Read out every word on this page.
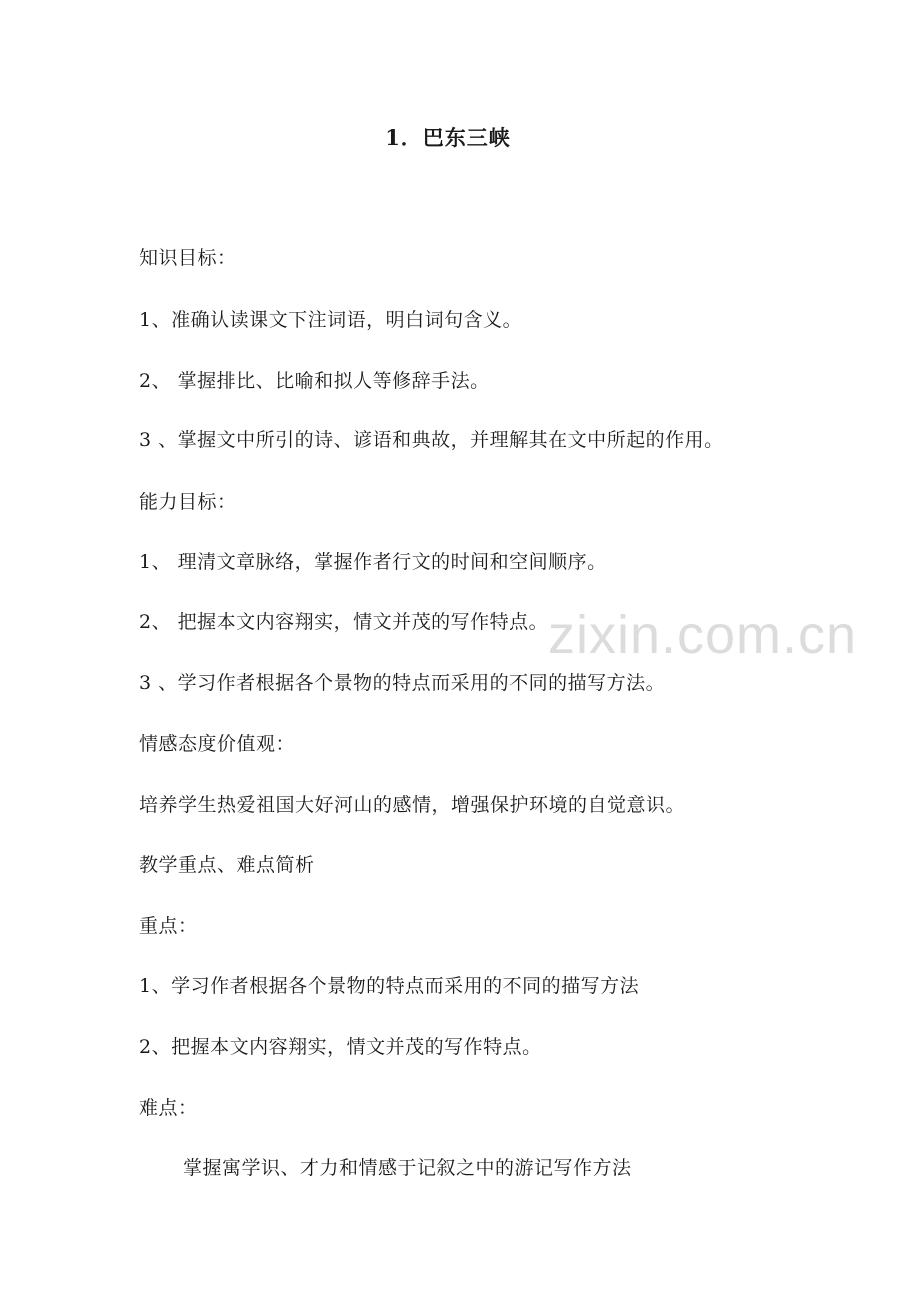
1．巴东三峡
知识目标：
1、准确认读课文下注词语，明白词句含义。
2、 掌握排比、比喻和拟人等修辞手法。
3 、掌握文中所引的诗、谚语和典故，并理解其在文中所起的作用。
能力目标：
1、 理清文章脉络，掌握作者行文的时间和空间顺序。
2、 把握本文内容翔实，情文并茂的写作特点。
3 、学习作者根据各个景物的特点而采用的不同的描写方法。
情感态度价值观：
培养学生热爱祖国大好河山的感情，增强保护环境的自觉意识。
教学重点、难点简析
重点：
1、学习作者根据各个景物的特点而采用的不同的描写方法
2、把握本文内容翔实，情文并茂的写作特点。
难点：
掌握寓学识、才力和情感于记叙之中的游记写作方法
zixin.com.cn
